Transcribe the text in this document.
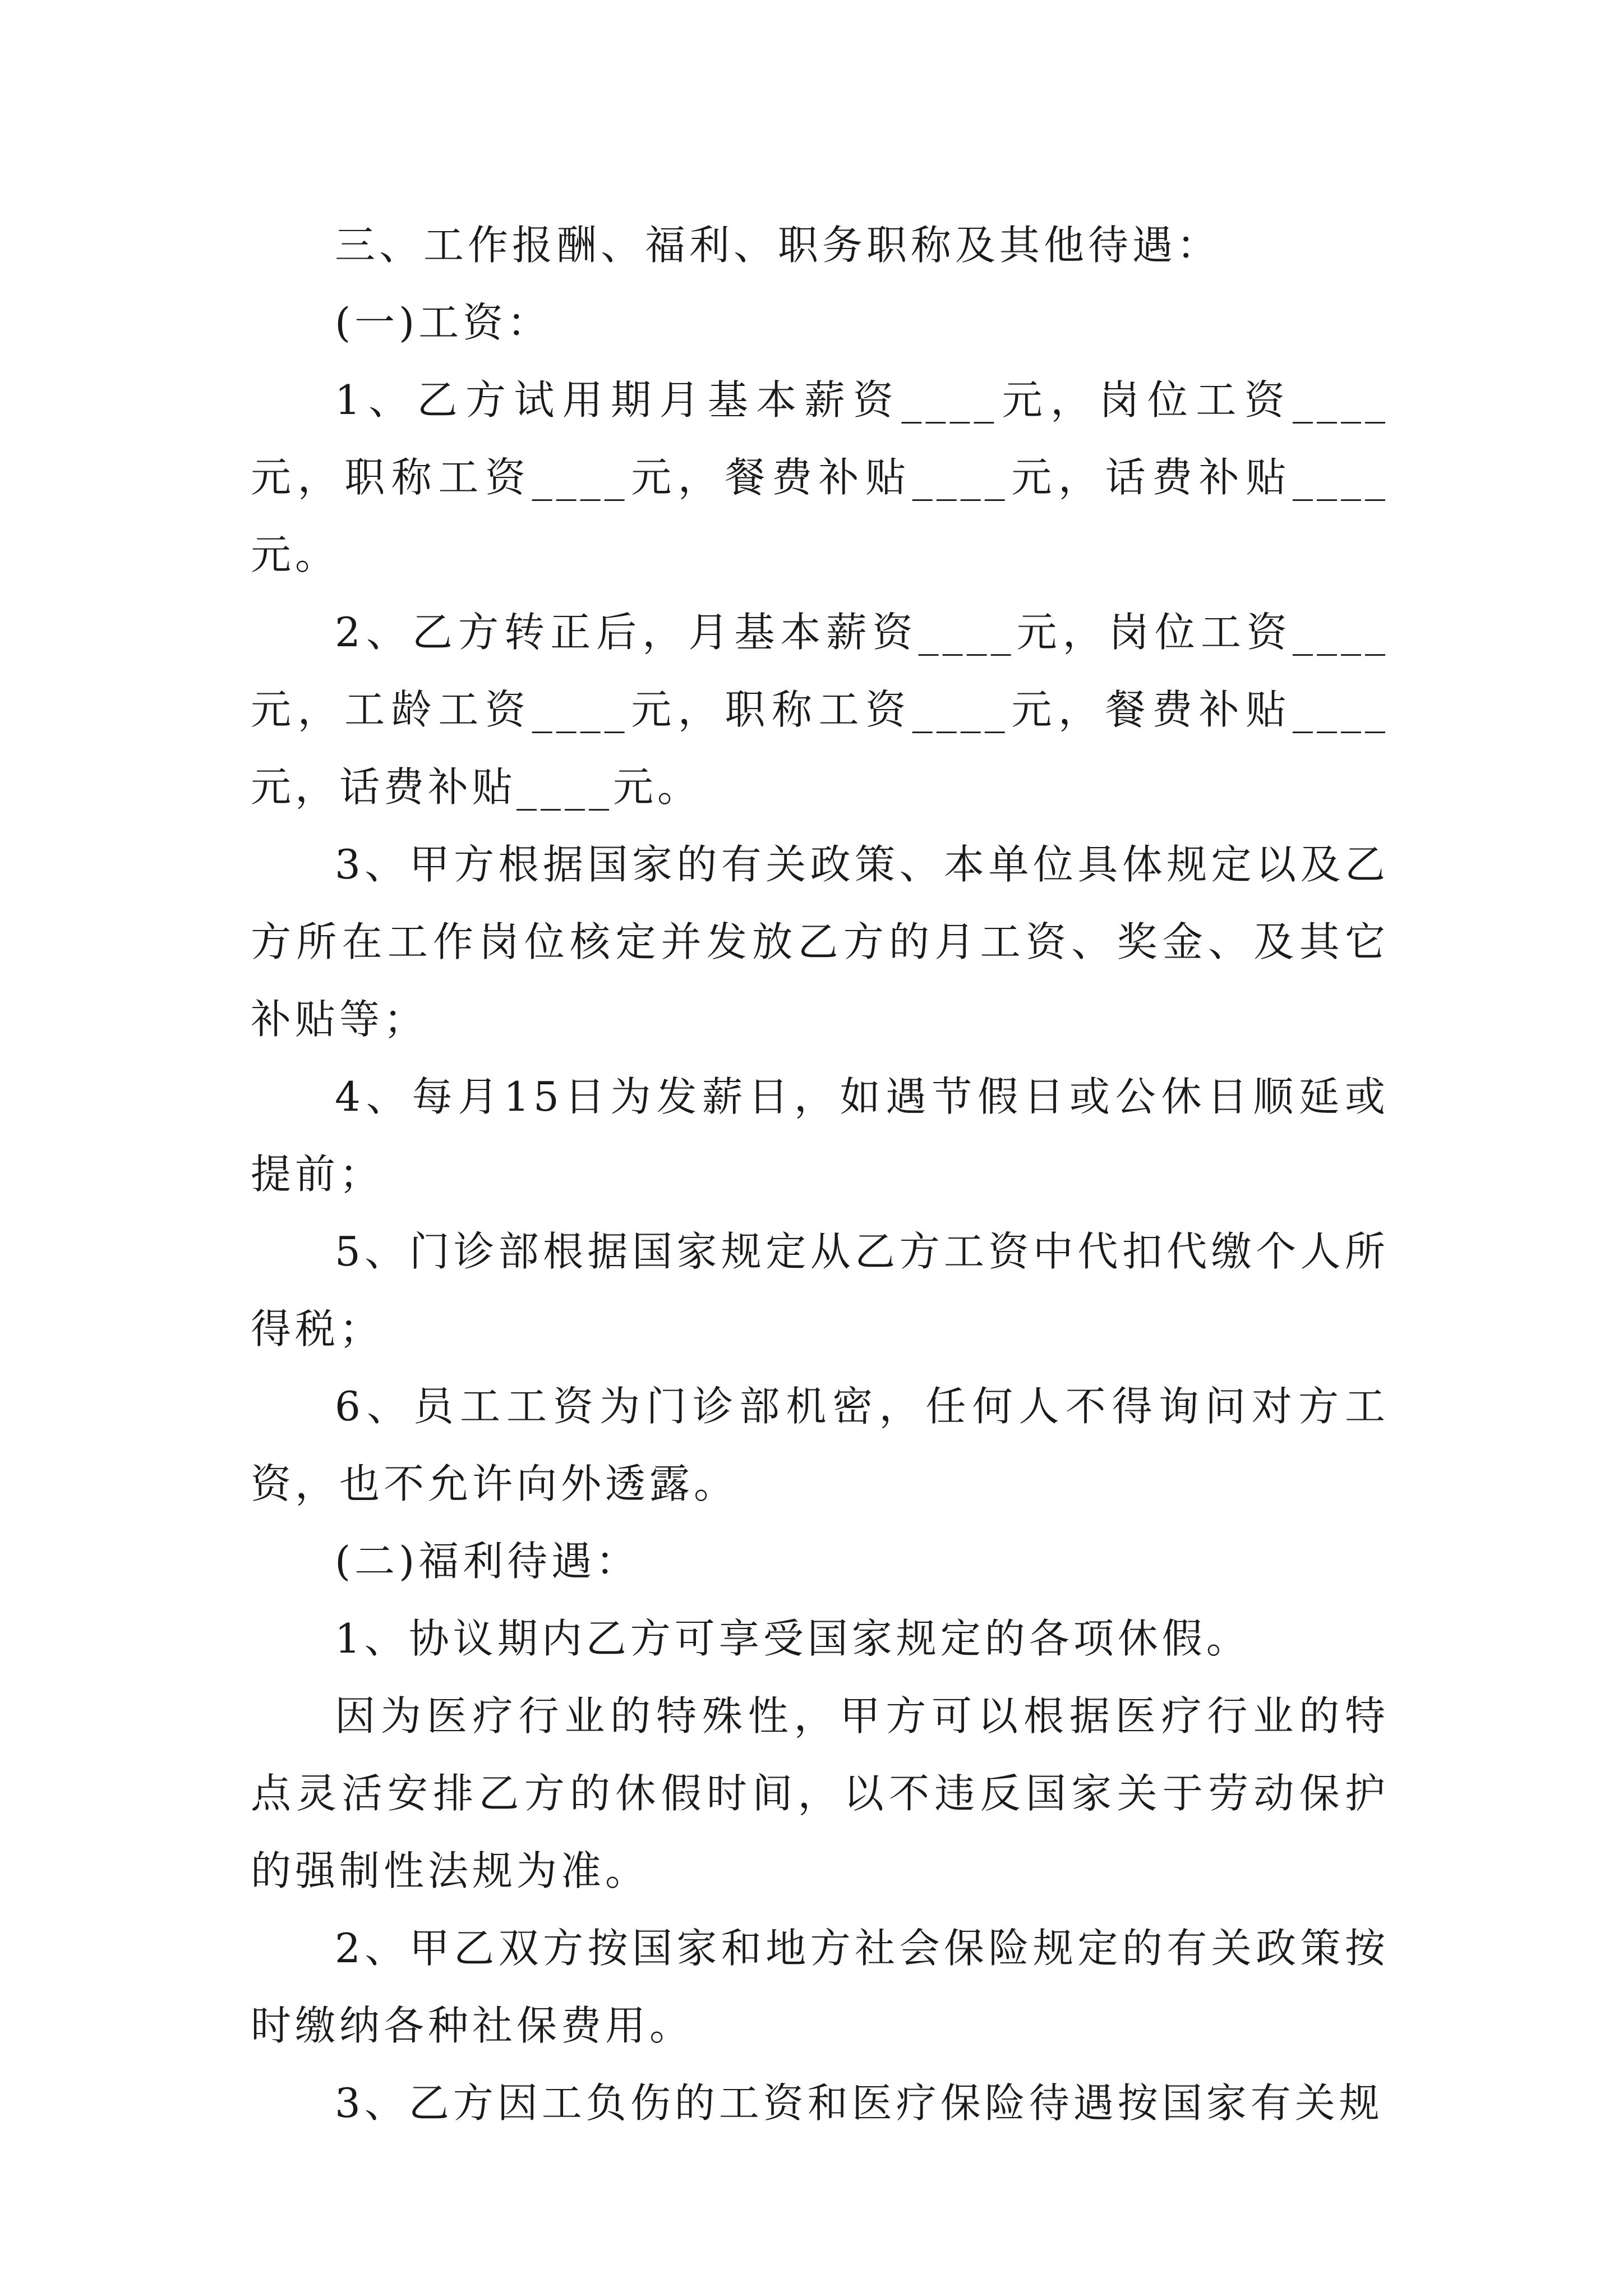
三、工作报酬、福利、职务职称及其他待遇：

(一)工资：

1、乙方试用期月基本薪资____元，岗位工资____元，职称工资____元，餐费补贴____元，话费补贴____元。

2、乙方转正后，月基本薪资____元，岗位工资____元，工龄工资____元，职称工资____元，餐费补贴____元，话费补贴____元。

3、甲方根据国家的有关政策、本单位具体规定以及乙方所在工作岗位核定并发放乙方的月工资、奖金、及其它补贴等；

4、每月15日为发薪日，如遇节假日或公休日顺延或提前；

5、门诊部根据国家规定从乙方工资中代扣代缴个人所得税；

6、员工工资为门诊部机密，任何人不得询问对方工资，也不允许向外透露。

(二)福利待遇：

1、协议期内乙方可享受国家规定的各项休假。

因为医疗行业的特殊性，甲方可以根据医疗行业的特点灵活安排乙方的休假时间，以不违反国家关于劳动保护的强制性法规为准。

2、甲乙双方按国家和地方社会保险规定的有关政策按时缴纳各种社保费用。

3、乙方因工负伤的工资和医疗保险待遇按国家有关规
